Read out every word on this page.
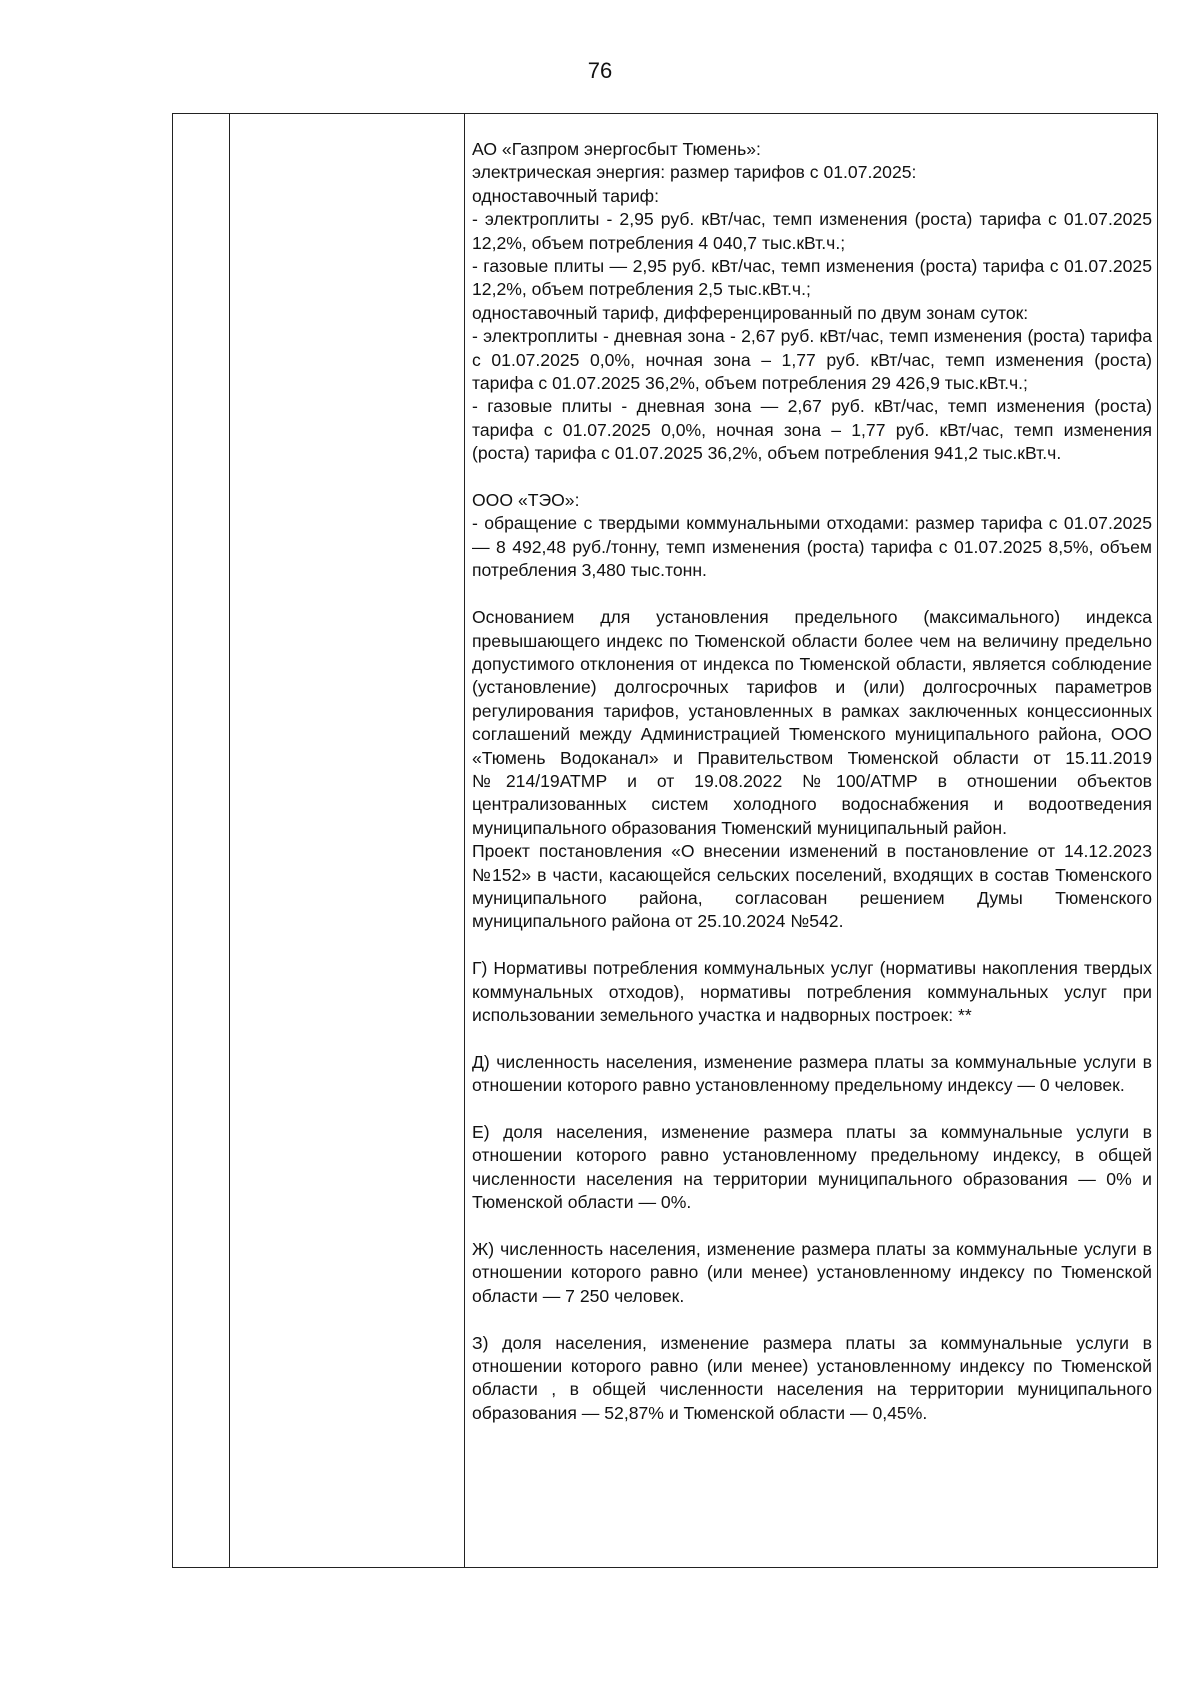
76

АО «Газпром энергосбыт Тюмень»:

электрическая энергия: размер тарифов с 01.07.2025:

одноставочный тариф:

- электроплиты - 2,95 руб. кВт/час, темп изменения (роста) тарифа с 01.07.2025 12,2%, объем потребления 4 040,7 тыс.кВт.ч.;

- газовые плиты — 2,95 руб. кВт/час, темп изменения (роста) тарифа с 01.07.2025 12,2%, объем потребления 2,5 тыс.кВт.ч.;

одноставочный тариф, дифференцированный по двум зонам суток:

- электроплиты - дневная зона - 2,67 руб. кВт/час, темп изменения (роста) тарифа с 01.07.2025 0,0%, ночная зона – 1,77 руб. кВт/час, темп изменения (роста) тарифа с 01.07.2025 36,2%, объем потребления 29 426,9 тыс.кВт.ч.;

- газовые плиты - дневная зона — 2,67 руб. кВт/час, темп изменения (роста) тарифа с 01.07.2025 0,0%, ночная зона – 1,77 руб. кВт/час, темп изменения (роста) тарифа с 01.07.2025 36,2%, объем потребления 941,2 тыс.кВт.ч.

ООО «ТЭО»:

- обращение с твердыми коммунальными отходами: размер тарифа с 01.07.2025 — 8 492,48 руб./тонну, темп изменения (роста) тарифа с 01.07.2025 8,5%, объем потребления 3,480 тыс.тонн.

Основанием для установления предельного (максимального) индекса превышающего индекс по Тюменской области более чем на величину предельно допустимого отклонения от индекса по Тюменской области, является соблюдение (установление) долгосрочных тарифов и (или) долгосрочных параметров регулирования тарифов, установленных в рамках заключенных концессионных соглашений между Администрацией Тюменского муниципального района, ООО «Тюмень Водоканал» и Правительством Тюменской области от 15.11.2019 №214/19АТМР и от 19.08.2022 №100/АТМР в отношении объектов централизованных систем холодного водоснабжения и водоотведения муниципального образования Тюменский муниципальный район.

Проект постановления «О внесении изменений в постановление от 14.12.2023 №152» в части, касающейся сельских поселений, входящих в состав Тюменского муниципального района, согласован решением Думы Тюменского муниципального района от 25.10.2024 №542.

Г) Нормативы потребления коммунальных услуг (нормативы накопления твердых коммунальных отходов), нормативы потребления коммунальных услуг при использовании земельного участка и надворных построек: **

Д) численность населения, изменение размера платы за коммунальные услуги в отношении которого равно установленному предельному индексу — 0 человек.

Е) доля населения, изменение размера платы за коммунальные услуги в отношении которого равно установленному предельному индексу, в общей численности населения на территории муниципального образования — 0% и Тюменской области — 0%.

Ж) численность населения, изменение размера платы за коммунальные услуги в отношении которого равно (или менее) установленному индексу по Тюменской области — 7 250 человек.

З) доля населения, изменение размера платы за коммунальные услуги в отношении которого равно (или менее) установленному индексу по Тюменской области , в общей численности населения на территории муниципального образования — 52,87% и Тюменской области — 0,45%.
